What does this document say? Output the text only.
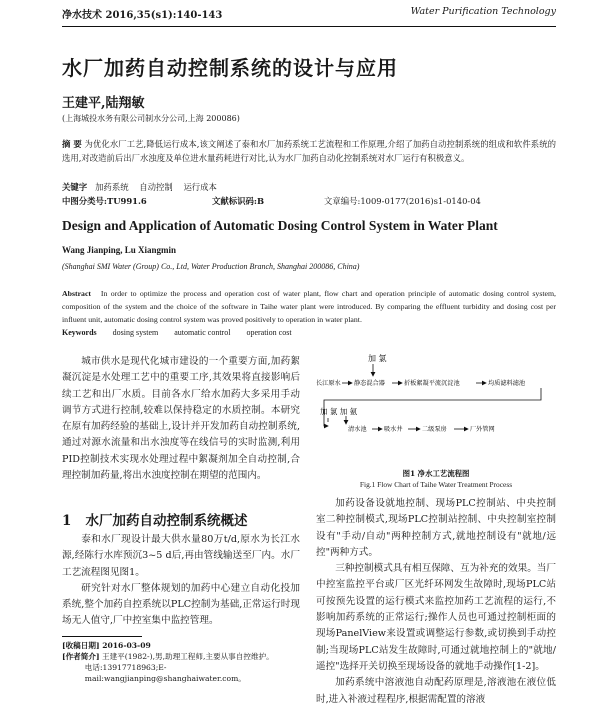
净水技术 2016,35(s1):140-143	Water Purification Technology
水厂加药自动控制系统的设计与应用
王建平,陆翔敏
(上海城投水务有限公司制水分公司,上海 200086)
摘 要 为优化水厂工艺,降低运行成本,该文阐述了泰和水厂加药系统工艺流程和工作原理,介绍了加药自动控制系统的组成和软件系统的选用,对改造前后出厂水浊度及单位进水量药耗进行对比,认为水厂加药自动化控制系统对水厂运行有积极意义。
关键字 加药系统 自动控制 运行成本
中图分类号:TU991.6	文献标识码:B	文章编号:1009-0177(2016)s1-0140-04
Design and Application of Automatic Dosing Control System in Water Plant
Wang Jianping, Lu Xiangmin
(Shanghai SMI Water (Group) Co., Ltd, Water Production Branch, Shanghai 200086, China)
Abstract In order to optimize the process and operation cost of water plant, flow chart and operation principle of automatic dosing control system, composition of the system and the choice of the software in Taihe water plant were introduced. By comparing the effluent turbidity and dosing cost per influent unit, automatic dosing control system was proved positively to operation in water plant.
Keywords dosing system automatic control operation cost

城市供水是现代化城市建设的一个重要方面,加药絮凝沉淀是水处理工艺中的重要工序,其效果将直接影响后续工艺和出厂水质。目前各水厂给水加药大多采用手动调节方式进行控制,较难以保持稳定的水质控制。本研究在原有加药经验的基础上,设计并开发加药自动控制系统,通过对源水流量和出水浊度等在线信号的实时监测,利用PID控制技术实现水处理过程中絮凝剂加全自动控制,合理控制加药量,将出水浊度控制在期望的范围内。

1 水厂加药自动控制系统概述

泰和水厂现设计最大供水量80万t/d,原水为长江水源,经陈行水库预沉3~5 d后,再由管线输送至厂内。水厂工艺流程图见图1。

研究针对水厂整体规划的加药中心建立自动化投加系统,整个加药自控系统以PLC控制为基础,正常运行时现场无人值守,厂中控室集中监控管理。

[收稿日期] 2016-03-09
[作者简介] 王建平(1982-),男,助理工程师,主要从事自控维护。
电话:13917718963;E-mail:wangjianping@shanghaiwater.com。
加 氯
长江原水 静态混合器	折板絮凝平流沉淀池	均质滤料滤池
加 氯 加 氨
清水池	吸水井	二级泵房	厂外管网
图1 净水工艺流程图
Fig.1 Flow Chart of Taihe Water Treatment Process

加药设备设就地控制、现场PLC控制站、中央控制室二种控制模式,现场PLC控制站控制、中央控制室控制设有"手动/自动"两种控制方式,就地控制设有"就地/远控"两种方式。

三种控制模式具有相互保障、互为补充的效果。当厂中控室监控平台或厂区光纤环网发生故障时,现场PLC站可按预先设置的运行模式来监控加药工艺流程的运行,不影响加药系统的正常运行;操作人员也可通过控制柜面的现场PanelView来设置或调整运行参数,或切换到手动控制;当现场PLC站发生故障时,可通过就地控制上的"就地/遥控"选择开关切换至现场设备的就地手动操作[1-2]。

加药系统中溶液池自动配药原理是,溶液池在液位低时,进入补液过程程序,根据需配置的溶液
